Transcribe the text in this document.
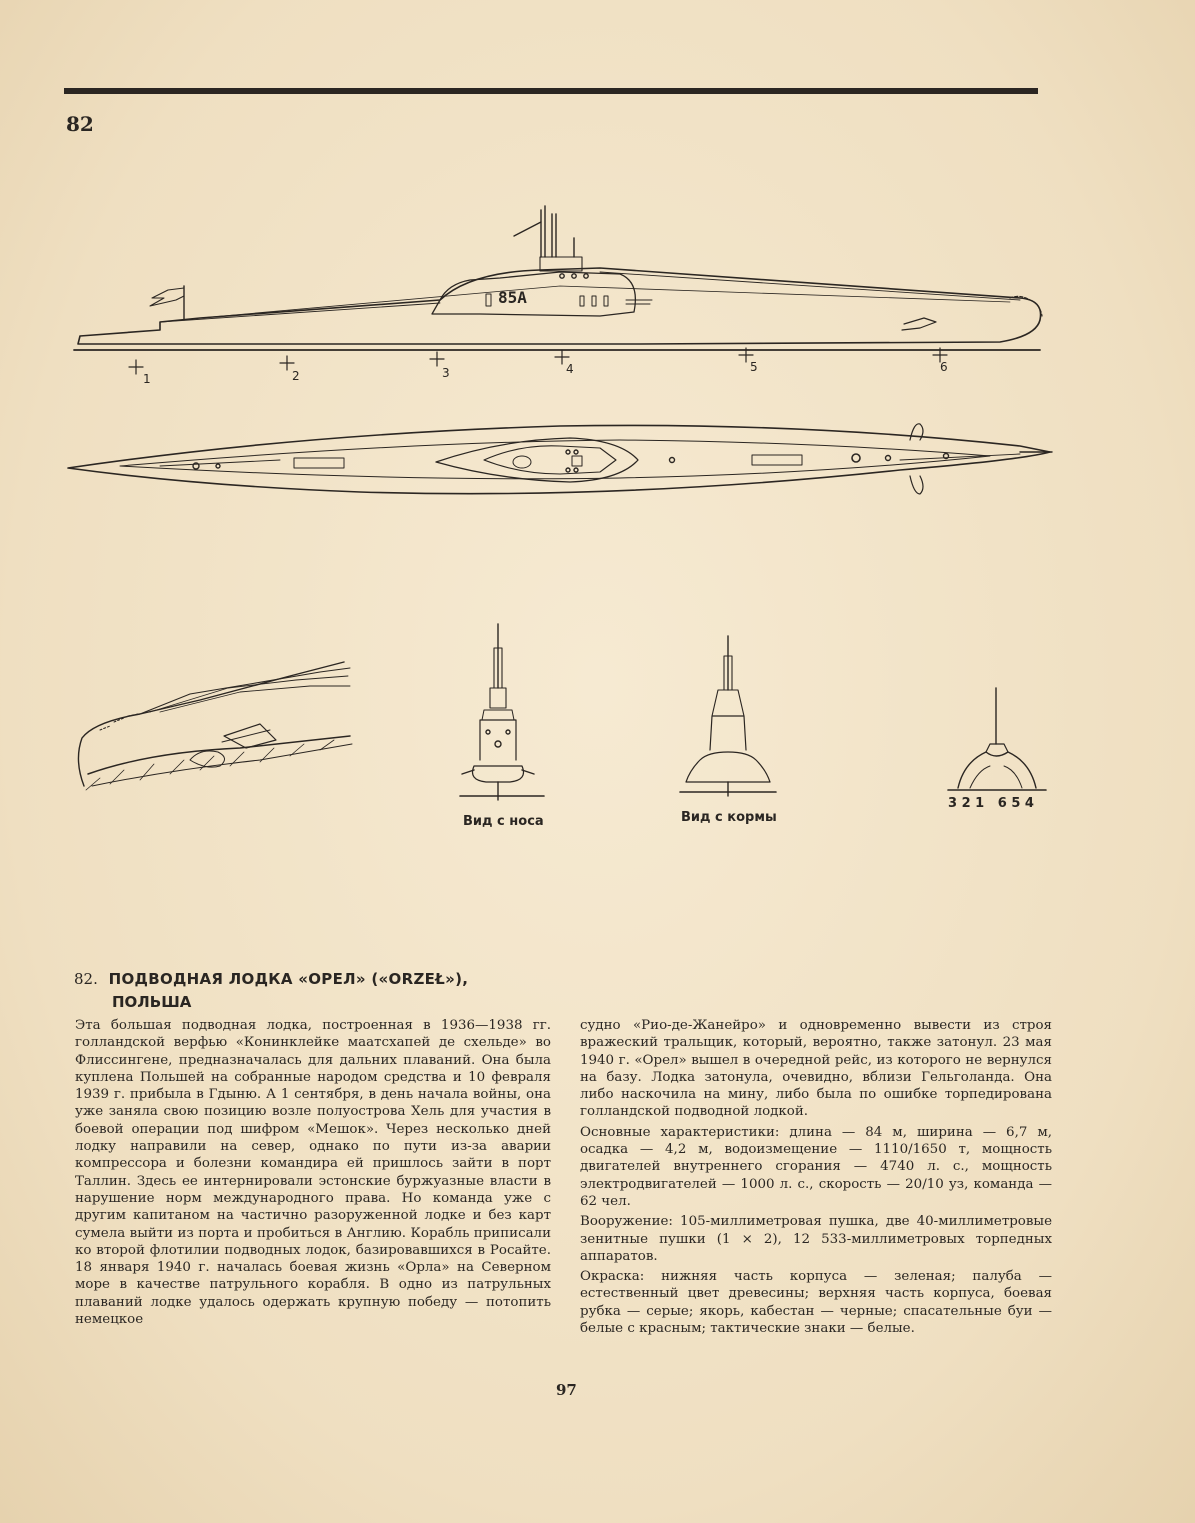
82
85A
1	2	3	4	5	6
Вид с носа	Вид с кормы
3 2 1   6 5 4
82. ПОДВОДНАЯ ЛОДКА «ОРЕЛ» («ORZEŁ»),
ПОЛЬША

Эта большая подводная лодка, построенная в 1936—1938 гг. голландской верфью «Конинклейке маатсхапей де схельде» во Флиссингене, предназначалась для дальних плаваний. Она была куплена Польшей на собранные народом средства и 10 февраля 1939 г. прибыла в Гдыню. А 1 сентября, в день начала войны, она уже заняла свою позицию возле полуострова Хель для участия в боевой операции под шифром «Мешок». Через несколько дней лодку направили на север, однако по пути из-за аварии компрессора и болезни командира ей пришлось зайти в порт Таллин. Здесь ее интернировали эстонские буржуазные власти в нарушение норм международного права. Но команда уже с другим капитаном на частично разоруженной лодке и без карт сумела выйти из порта и пробиться в Англию. Корабль приписали ко второй флотилии подводных лодок, базировавшихся в Росайте. 18 января 1940 г. началась боевая жизнь «Орла» на Северном море в качестве патрульного корабля. В одно из патрульных плаваний лодке удалось одержать крупную победу — потопить немецкое

судно «Рио-де-Жанейро» и одновременно вывести из строя вражеский тральщик, который, вероятно, также затонул. 23 мая 1940 г. «Орел» вышел в очередной рейс, из которого не вернулся на базу. Лодка затонула, очевидно, вблизи Гельголанда. Она либо наскочила на мину, либо была по ошибке торпедирована голландской подводной лодкой.

Основные характеристики: длина — 84 м, ширина — 6,7 м, осадка — 4,2 м, водоизмещение — 1110/1650 т, мощность двигателей внутреннего сгорания — 4740 л. с., мощность электродвигателей — 1000 л. с., скорость — 20/10 уз, команда — 62 чел.

Вооружение: 105-миллиметровая пушка, две 40-миллиметровые зенитные пушки (1 × 2), 12 533-миллиметровых торпедных аппаратов.

Окраска: нижняя часть корпуса — зеленая; палуба — естественный цвет древесины; верхняя часть корпуса, боевая рубка — серые; якорь, кабестан — черные; спасательные буи — белые с красным; тактические знаки — белые.

97
